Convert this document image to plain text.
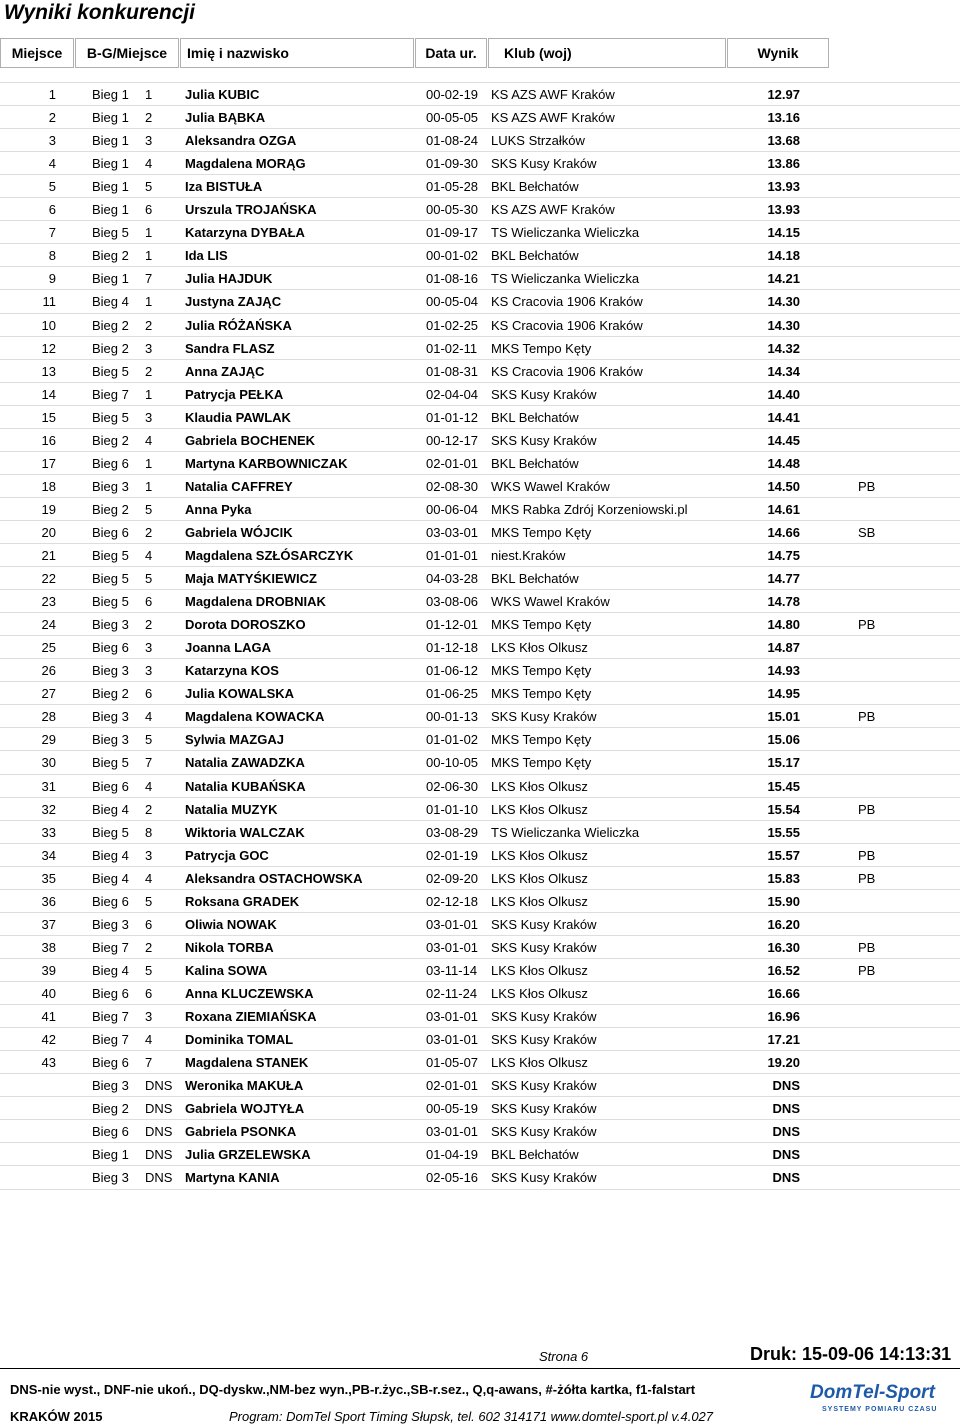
Wyniki konkurencji
Miejsce	B-G/Miejsce	Imię i nazwisko	Data ur.	Klub (woj)	Wynik
1	Bieg 1 1	Julia KUBIC	00-02-19 KS AZS AWF Kraków	12.97
2	Bieg 1 2	Julia BĄBKA	00-05-05 KS AZS AWF Kraków	13.16
3	Bieg 1 3	Aleksandra OZGA	01-08-24 LUKS Strzałków	13.68
4	Bieg 1 4	Magdalena MORĄG	01-09-30 SKS Kusy Kraków	13.86
5	Bieg 1 5	Iza BISTUŁA	01-05-28 BKL Bełchatów	13.93
6	Bieg 1 6	Urszula TROJAŃSKA	00-05-30 KS AZS AWF Kraków	13.93
7	Bieg 5 1	Katarzyna DYBAŁA	01-09-17 TS Wieliczanka Wieliczka	14.15
8	Bieg 2 1	Ida LIS	00-01-02 BKL Bełchatów	14.18
9	Bieg 1 7	Julia HAJDUK	01-08-16 TS Wieliczanka Wieliczka	14.21
11	Bieg 4 1	Justyna ZAJĄC	00-05-04 KS Cracovia 1906 Kraków	14.30
10	Bieg 2 2	Julia RÓŻAŃSKA	01-02-25 KS Cracovia 1906 Kraków	14.30
12	Bieg 2 3	Sandra FLASZ	01-02-11 MKS Tempo Kęty	14.32
13	Bieg 5 2	Anna ZAJĄC	01-08-31 KS Cracovia 1906 Kraków	14.34
14	Bieg 7 1	Patrycja PEŁKA	02-04-04 SKS Kusy Kraków	14.40
15	Bieg 5 3	Klaudia PAWLAK	01-01-12 BKL Bełchatów	14.41
16	Bieg 2 4	Gabriela BOCHENEK	00-12-17 SKS Kusy Kraków	14.45
17	Bieg 6 1	Martyna KARBOWNICZAK	02-01-01 BKL Bełchatów	14.48
18	Bieg 3 1	Natalia CAFFREY	02-08-30 WKS Wawel Kraków	14.50	PB
19	Bieg 2 5	Anna Pyka	00-06-04 MKS Rabka Zdrój Korzeniowski.pl	14.61
20	Bieg 6 2	Gabriela WÓJCIK	03-03-01 MKS Tempo Kęty	14.66	SB
21	Bieg 5 4	Magdalena SZŁÓSARCZYK	01-01-01 niest.Kraków	14.75
22	Bieg 5 5	Maja MATYŚKIEWICZ	04-03-28 BKL Bełchatów	14.77
23	Bieg 5 6	Magdalena DROBNIAK	03-08-06 WKS Wawel Kraków	14.78
24	Bieg 3 2	Dorota DOROSZKO	01-12-01 MKS Tempo Kęty	14.80	PB
25	Bieg 6 3	Joanna LAGA	01-12-18 LKS Kłos Olkusz	14.87
26	Bieg 3 3	Katarzyna KOS	01-06-12 MKS Tempo Kęty	14.93
27	Bieg 2 6	Julia KOWALSKA	01-06-25 MKS Tempo Kęty	14.95
28	Bieg 3 4	Magdalena KOWACKA	00-01-13 SKS Kusy Kraków	15.01	PB
29	Bieg 3 5	Sylwia MAZGAJ	01-01-02 MKS Tempo Kęty	15.06
30	Bieg 5 7	Natalia ZAWADZKA	00-10-05 MKS Tempo Kęty	15.17
31	Bieg 6 4	Natalia KUBAŃSKA	02-06-30 LKS Kłos Olkusz	15.45
32	Bieg 4 2	Natalia MUZYK	01-01-10 LKS Kłos Olkusz	15.54	PB
33	Bieg 5 8	Wiktoria WALCZAK	03-08-29 TS Wieliczanka Wieliczka	15.55
34	Bieg 4 3	Patrycja GOC	02-01-19 LKS Kłos Olkusz	15.57	PB
35	Bieg 4 4	Aleksandra OSTACHOWSKA	02-09-20 LKS Kłos Olkusz	15.83	PB
36	Bieg 6 5	Roksana GRADEK	02-12-18 LKS Kłos Olkusz	15.90
37	Bieg 3 6	Oliwia NOWAK	03-01-01 SKS Kusy Kraków	16.20
38	Bieg 7 2	Nikola TORBA	03-01-01 SKS Kusy Kraków	16.30	PB
39	Bieg 4 5	Kalina SOWA	03-11-14 LKS Kłos Olkusz	16.52	PB
40	Bieg 6 6	Anna KLUCZEWSKA	02-11-24 LKS Kłos Olkusz	16.66
41	Bieg 7 3	Roxana ZIEMIAŃSKA	03-01-01 SKS Kusy Kraków	16.96
42	Bieg 7 4	Dominika TOMAL	03-01-01 SKS Kusy Kraków	17.21
43	Bieg 6 7	Magdalena STANEK	01-05-07 LKS Kłos Olkusz	19.20
Bieg 3 DNS Weronika MAKUŁA	02-01-01 SKS Kusy Kraków	DNS
Bieg 2 DNS Gabriela WOJTYŁA	00-05-19 SKS Kusy Kraków	DNS
Bieg 6 DNS Gabriela PSONKA	03-01-01 SKS Kusy Kraków	DNS
Bieg 1 DNS Julia GRZELEWSKA	01-04-19 BKL Bełchatów	DNS
Bieg 3 DNS Martyna KANIA	02-05-16 SKS Kusy Kraków	DNS
Strona 6	Druk: 15-09-06 14:13:31
DNS-nie wyst., DNF-nie ukoń., DQ-dyskw.,NM-bez wyn.,PB-r.życ.,SB-r.sez., Q,q-awans, #-żółta kartka, f1-falstart
KRAKÓW 2015	Program: DomTel Sport Timing Słupsk, tel. 602 314171 www.domtel-sport.pl v.4.027
DomTel-Sport
SYSTEMY POMIARU CZASU
